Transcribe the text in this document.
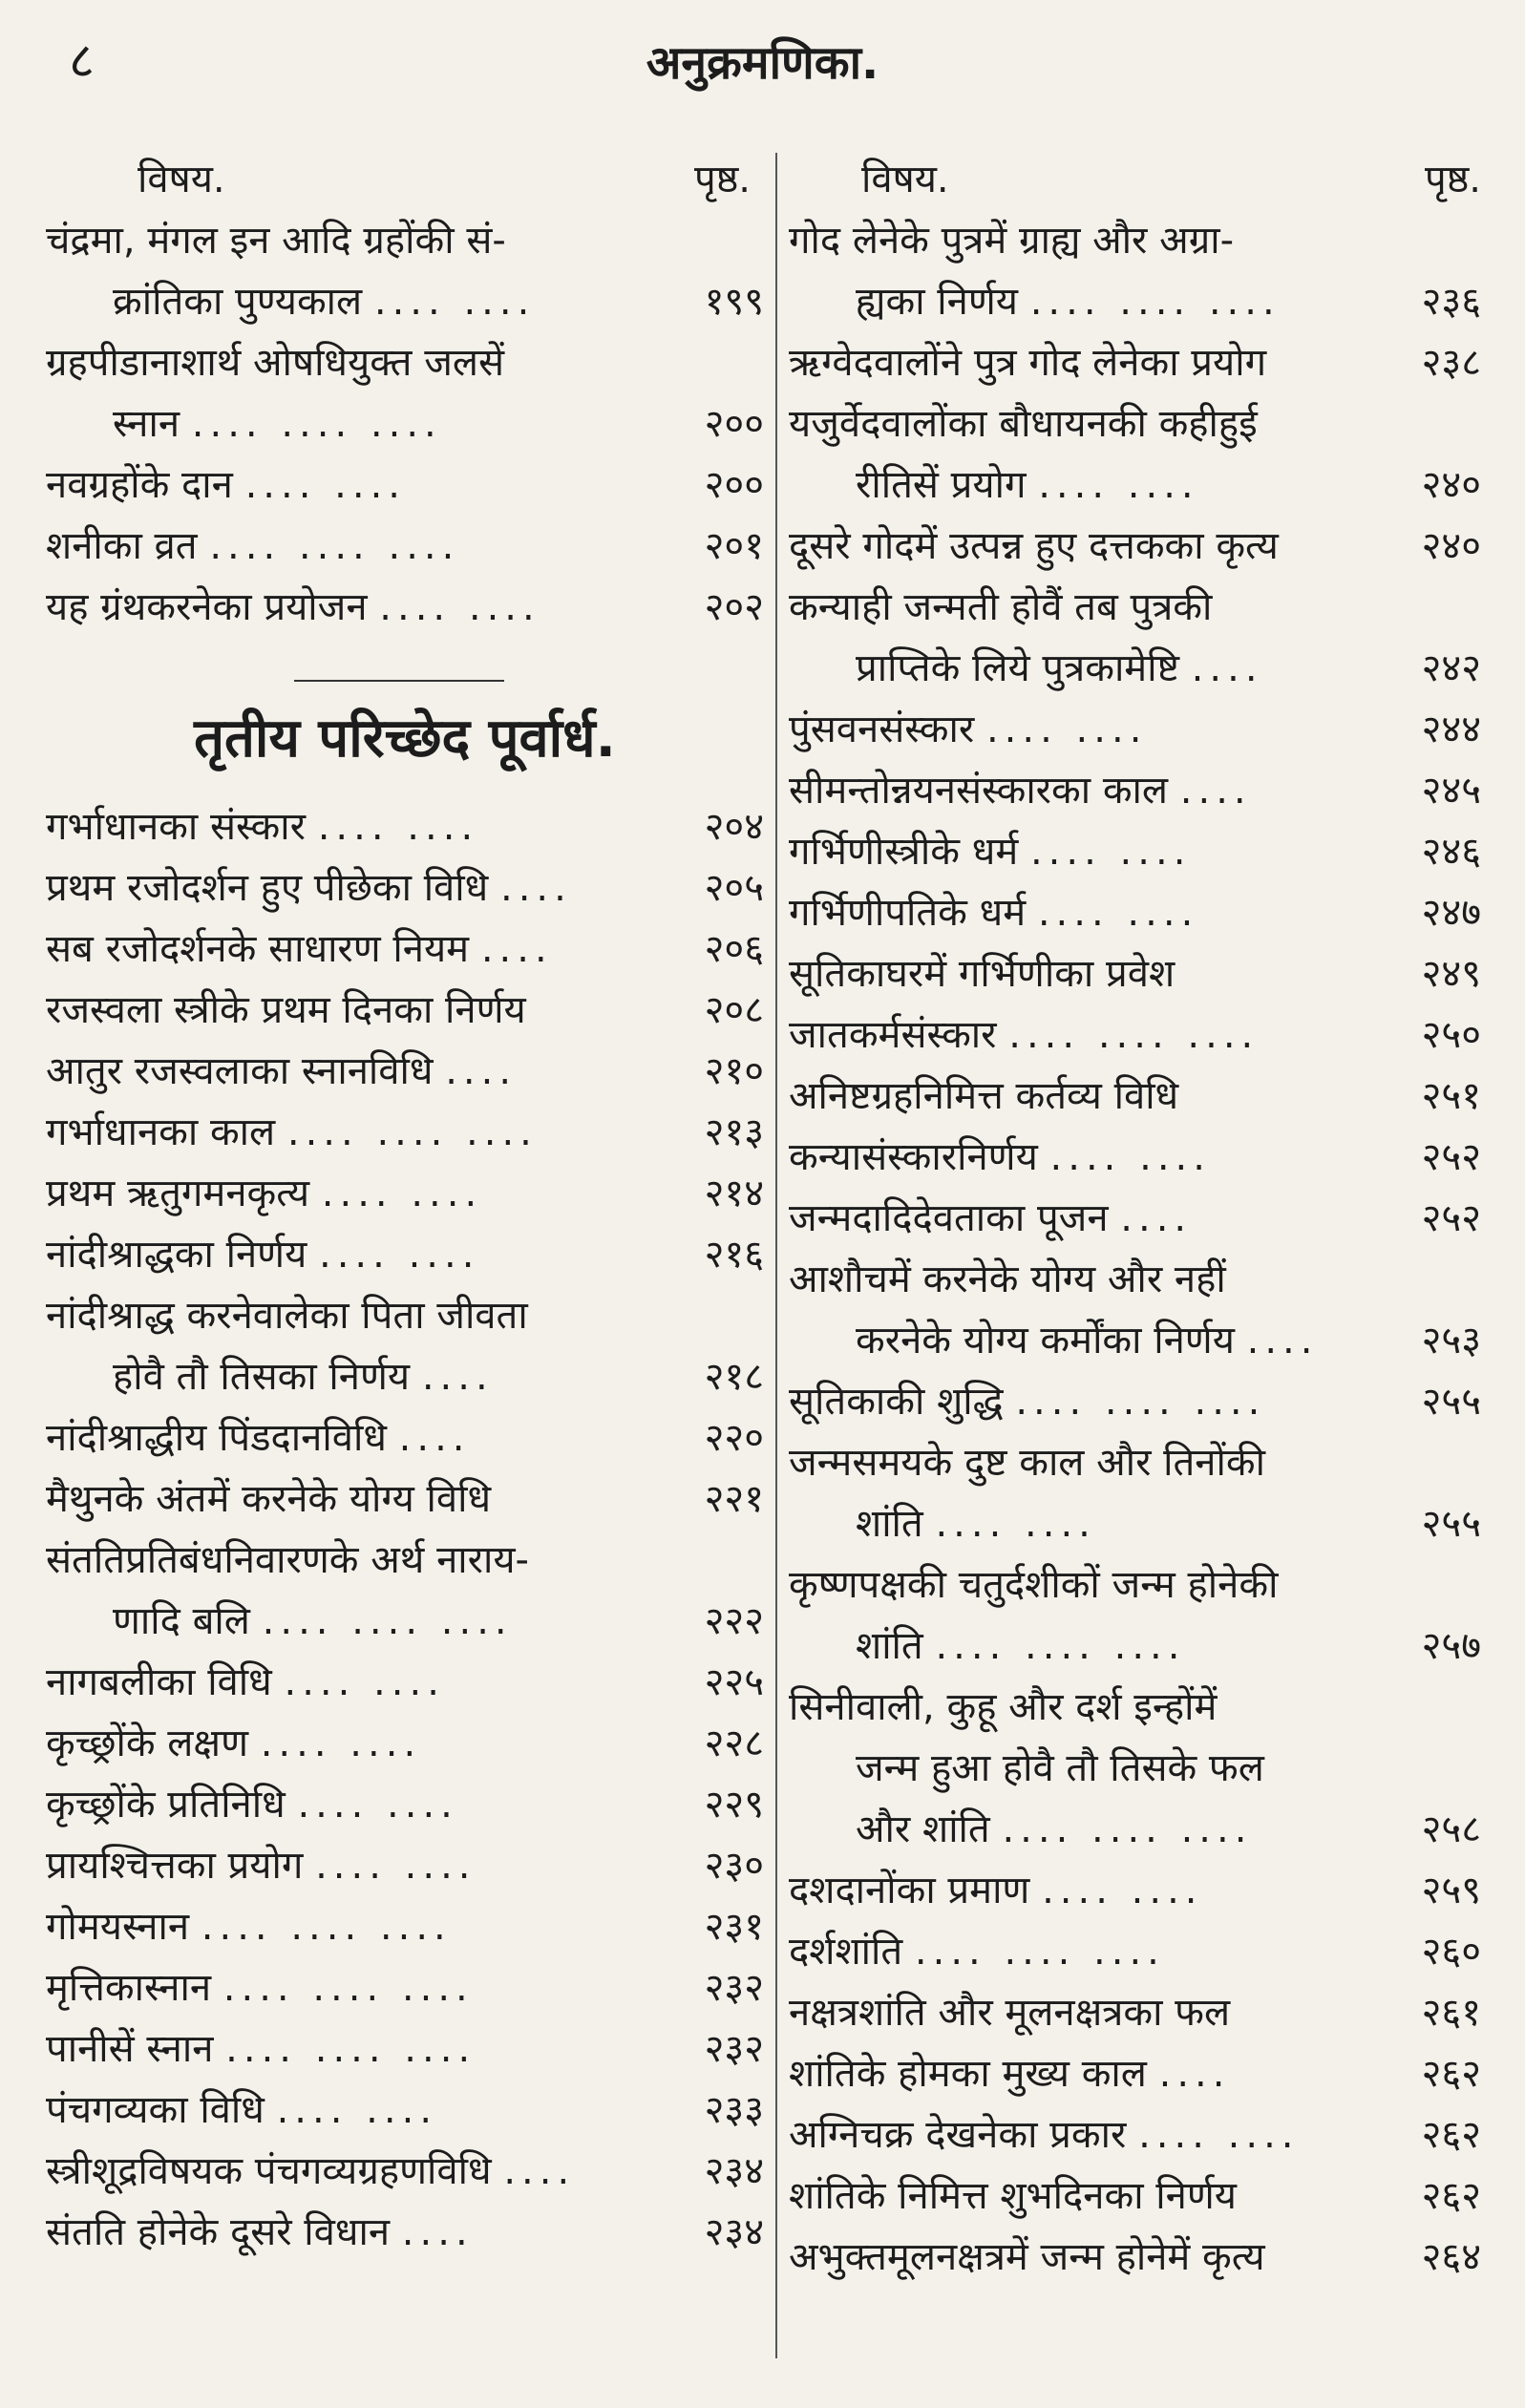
८	अनुक्रमणिका.
विषय.	पृष्ठ.
चंद्रमा, मंगल इन आदि ग्रहोंकी सं-
क्रांतिका पुण्यकाल .... ....	१९९
ग्रहपीडानाशार्थ ओषधियुक्त जलसें
स्नान .... .... ....	२००
नवग्रहोंके दान .... ....	२००
शनीका व्रत .... .... ....	२०१
यह ग्रंथकरनेका प्रयोजन .... ....	२०२
तृतीय परिच्छेद पूर्वार्ध.
गर्भाधानका संस्कार .... ....	२०४
प्रथम रजोदर्शन हुए पीछेका विधि ....	२०५
सब रजोदर्शनके साधारण नियम ....	२०६
रजस्वला स्त्रीके प्रथम दिनका निर्णय	२०८
आतुर रजस्वलाका स्नानविधि ....	२१०
गर्भाधानका काल .... .... ....	२१३
प्रथम ऋतुगमनकृत्य .... ....	२१४
नांदीश्राद्धका निर्णय .... ....	२१६
नांदीश्राद्ध करनेवालेका पिता जीवता
होवै तौ तिसका निर्णय ....	२१८
नांदीश्राद्धीय पिंडदानविधि ....	२२०
मैथुनके अंतमें करनेके योग्य विधि	२२१
संततिप्रतिबंधनिवारणके अर्थ नाराय-
णादि बलि .... .... ....	२२२
नागबलीका विधि .... ....	२२५
कृच्छ्रोंके लक्षण .... ....	२२८
कृच्छ्रोंके प्रतिनिधि .... ....	२२९
प्रायश्चित्तका प्रयोग .... ....	२३०
गोमयस्नान .... .... ....	२३१
मृत्तिकास्नान .... .... ....	२३२
पानीसें स्नान .... .... ....	२३२
पंचगव्यका विधि .... ....	२३३
स्त्रीशूद्रविषयक पंचगव्यग्रहणविधि ....	२३४
संतति होनेके दूसरे विधान ....	२३४
विषय.	पृष्ठ.
गोद लेनेके पुत्रमें ग्राह्य और अग्रा-
ह्यका निर्णय .... .... ....	२३६
ऋग्वेदवालोंने पुत्र गोद लेनेका प्रयोग	२३८
यजुर्वेदवालोंका बौधायनकी कहीहुई
रीतिसें प्रयोग .... ....	२४०
दूसरे गोदमें उत्पन्न हुए दत्तकका कृत्य	२४०
कन्याही जन्मती होवैं तब पुत्रकी
प्राप्तिके लिये पुत्रकामेष्टि ....	२४२
पुंसवनसंस्कार .... ....	२४४
सीमन्तोन्नयनसंस्कारका काल ....	२४५
गर्भिणीस्त्रीके धर्म .... ....	२४६
गर्भिणीपतिके धर्म .... ....	२४७
सूतिकाघरमें गर्भिणीका प्रवेश	२४९
जातकर्मसंस्कार .... .... ....	२५०
अनिष्टग्रहनिमित्त कर्तव्य विधि	२५१
कन्यासंस्कारनिर्णय .... ....	२५२
जन्मदादिदेवताका पूजन ....	२५२
आशौचमें करनेके योग्य और नहीं
करनेके योग्य कर्मोंका निर्णय ....	२५३
सूतिकाकी शुद्धि .... .... ....	२५५
जन्मसमयके दुष्ट काल और तिनोंकी
शांति .... ....	२५५
कृष्णपक्षकी चतुर्दशीकों जन्म होनेकी
शांति .... .... ....	२५७
सिनीवाली, कुहू और दर्श इन्होंमें
जन्म हुआ होवै तौ तिसके फल
और शांति .... .... ....	२५८
दशदानोंका प्रमाण .... ....	२५९
दर्शशांति .... .... ....	२६०
नक्षत्रशांति और मूलनक्षत्रका फल	२६१
शांतिके होमका मुख्य काल ....	२६२
अग्निचक्र देखनेका प्रकार .... ....	२६२
शांतिके निमित्त शुभदिनका निर्णय	२६२
अभुक्तमूलनक्षत्रमें जन्म होनेमें कृत्य	२६४
